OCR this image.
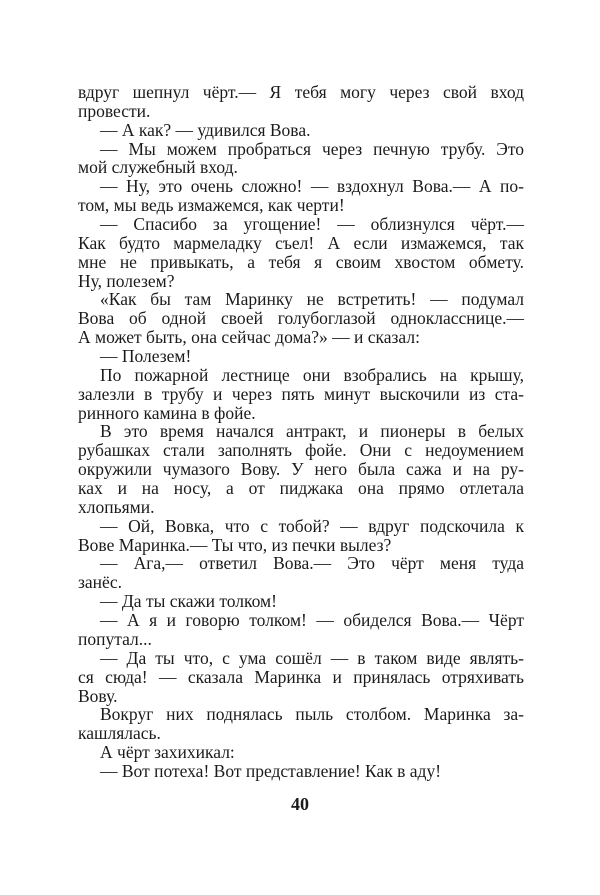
вдруг шепнул чёрт.— Я тебя могу через свой вход
провести.
— А как? — удивился Вова.
— Мы можем пробраться через печную трубу. Это
мой служебный вход.
— Ну, это очень сложно! — вздохнул Вова.— А по-
том, мы ведь измажемся, как черти!
— Спасибо за угощение! — облизнулся чёрт.—
Как будто мармеладку съел! А если измажемся, так
мне не привыкать, а тебя я своим хвостом обмету.
Ну, полезем?
«Как бы там Маринку не встретить! — подумал
Вова об одной своей голубоглазой однокласснице.—
А может быть, она сейчас дома?» — и сказал:
— Полезем!
По пожарной лестнице они взобрались на крышу,
залезли в трубу и через пять минут выскочили из ста-
ринного камина в фойе.
В это время начался антракт, и пионеры в белых
рубашках стали заполнять фойе. Они с недоумением
окружили чумазого Вову. У него была сажа и на ру-
ках и на носу, а от пиджака она прямо отлетала
хлопьями.
— Ой, Вовка, что с тобой? — вдруг подскочила к
Вове Маринка.— Ты что, из печки вылез?
— Ага,— ответил Вова.— Это чёрт меня туда
занёс.
— Да ты скажи толком!
— А я и говорю толком! — обиделся Вова.— Чёрт
попутал...
— Да ты что, с ума сошёл — в таком виде являть-
ся сюда! — сказала Маринка и принялась отряхивать
Вову.
Вокруг них поднялась пыль столбом. Маринка за-
кашлялась.
А чёрт захихикал:
— Вот потеха! Вот представление! Как в аду!
40
